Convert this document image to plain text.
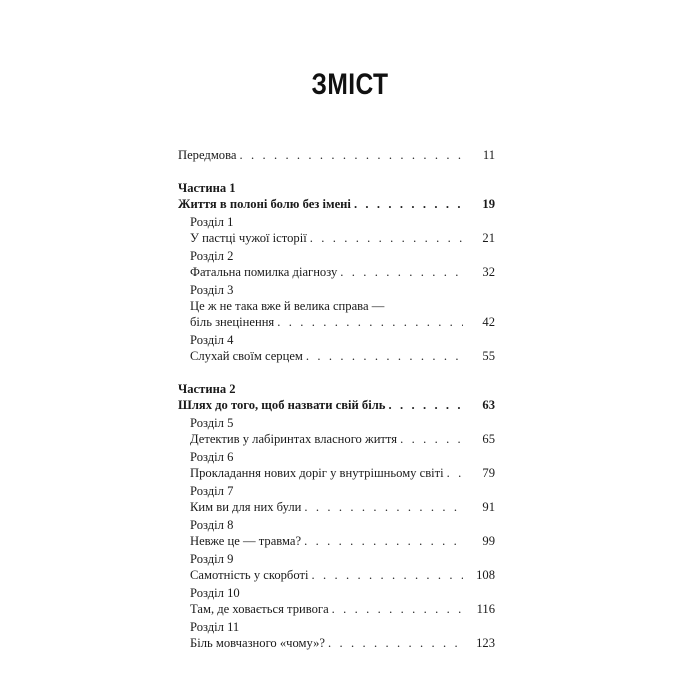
ЗМІСТ
Передмова . . .	11
Частина 1
Життя в полоні болю без імені . . .	19
Розділ 1
У пастці чужої історії . . .	21
Розділ 2
Фатальна помилка діагнозу . . .	32
Розділ 3
Це ж не така вже й велика справа —
біль знецінення . . .	42
Розділ 4
Слухай своїм серцем . . .	55
Частина 2
Шлях до того, щоб назвати свій біль . . .	63
Розділ 5
Детектив у лабіринтах власного життя . . .	65
Розділ 6
Прокладання нових доріг у внутрішньому світі . . .	79
Розділ 7
Ким ви для них були . . .	91
Розділ 8
Невже це — травма? . . .	99
Розділ 9
Самотність у скорботі . . .	108
Розділ 10
Там, де ховається тривога . . .	116
Розділ 11
Біль мовчазного «чому»? . . .	123
